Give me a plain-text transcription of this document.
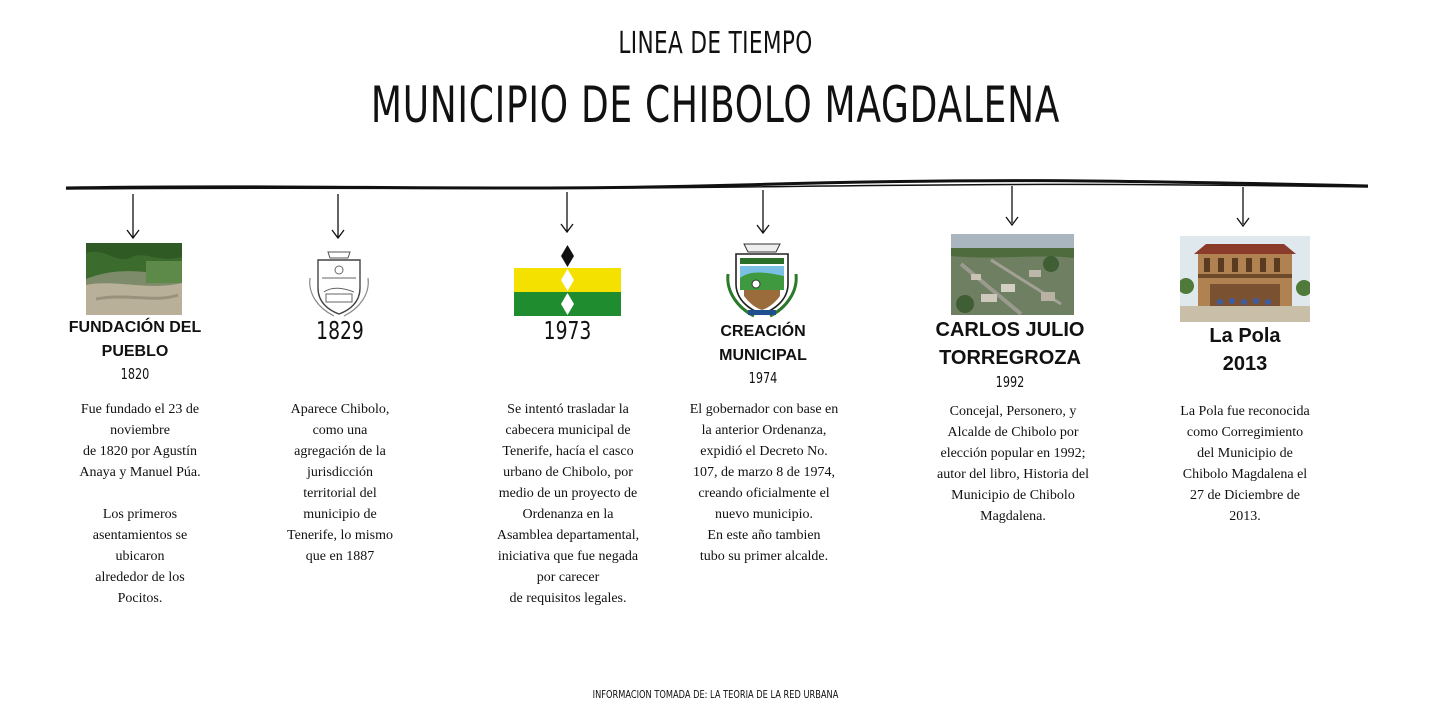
LINEA DE TIEMPO
MUNICIPIO DE CHIBOLO MAGDALENA
FUNDACIÓN DEL
PUEBLO
1820
Fue fundado el 23 de
noviembre
de 1820 por Agustín
Anaya y Manuel Púa.

Los primeros
asentamientos se
ubicaron
alrededor de los
Pocitos.
1829
Aparece Chibolo,
como una
agregación de la
jurisdicción
territorial del
municipio de
Tenerife, lo mismo
que en 1887
1973
Se intentó trasladar la
cabecera municipal de
Tenerife, hacía el casco
urbano de Chibolo, por
medio de un proyecto de
Ordenanza en la
Asamblea departamental,
iniciativa que fue negada
por carecer
de requisitos legales.
CREACIÓN
MUNICIPAL
1974
El gobernador con base en
la anterior Ordenanza,
expidió el Decreto No.
107, de marzo 8 de 1974,
creando oficialmente el
nuevo municipio.
En este año tambien
tubo su primer alcalde.
CARLOS JULIO
TORREGROZA
1992
Concejal, Personero, y
Alcalde de Chibolo por
elección popular en 1992;
autor del libro, Historia del
Municipio de Chibolo
Magdalena.
La Pola
2013
La Pola fue reconocida
como Corregimiento
del Municipio de
Chibolo Magdalena el
27 de Diciembre de
2013.
INFORMACION TOMADA DE: LA TEORIA DE LA RED URBANA
